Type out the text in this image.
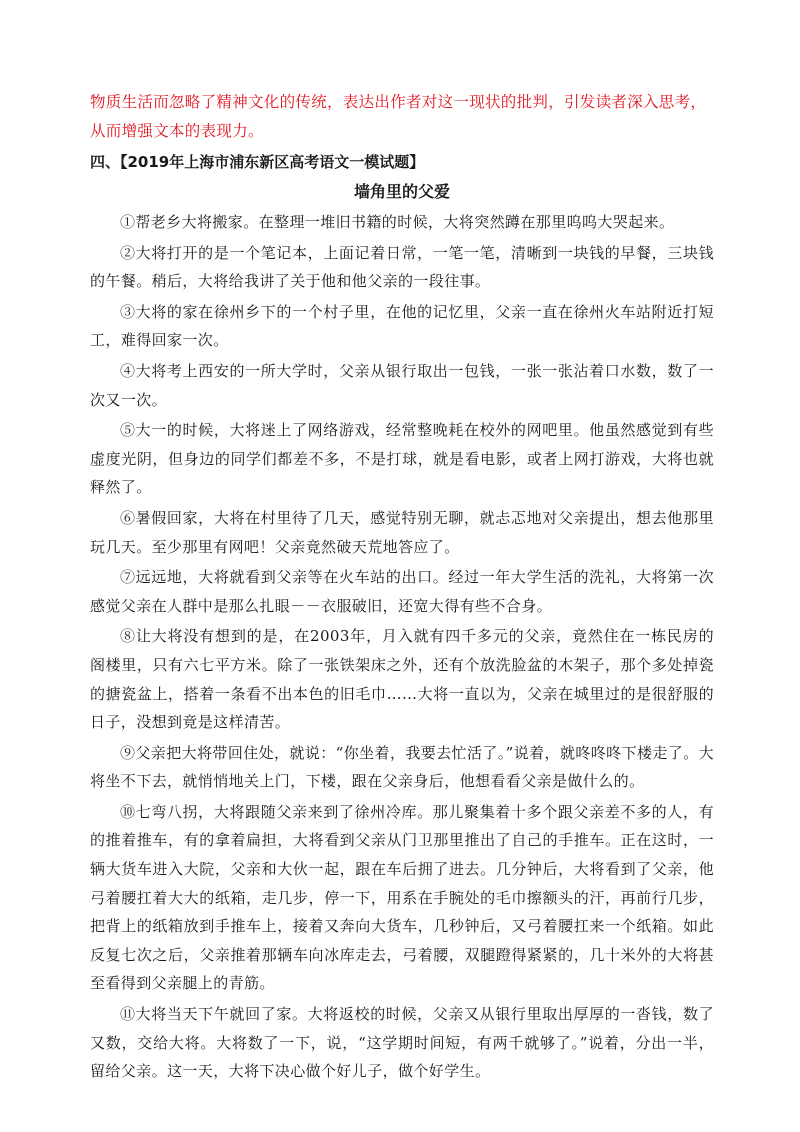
物质生活而忽略了精神文化的传统，表达出作者对这一现状的批判，引发读者深入思考，从而增强文本的表现力。

四、【2019年上海市浦东新区高考语文一模试题】

墙角里的父爱

①帮老乡大将搬家。在整理一堆旧书籍的时候，大将突然蹲在那里呜呜大哭起来。

②大将打开的是一个笔记本，上面记着日常，一笔一笔，清晰到一块钱的早餐，三块钱的午餐。稍后，大将给我讲了关于他和他父亲的一段往事。

③大将的家在徐州乡下的一个村子里，在他的记忆里，父亲一直在徐州火车站附近打短工，难得回家一次。

④大将考上西安的一所大学时，父亲从银行取出一包钱，一张一张沾着口水数，数了一次又一次。

⑤大一的时候，大将迷上了网络游戏，经常整晚耗在校外的网吧里。他虽然感觉到有些虚度光阴，但身边的同学们都差不多，不是打球，就是看电影，或者上网打游戏，大将也就释然了。

⑥暑假回家，大将在村里待了几天，感觉特别无聊，就忐忑地对父亲提出，想去他那里玩几天。至少那里有网吧！父亲竟然破天荒地答应了。

⑦远远地，大将就看到父亲等在火车站的出口。经过一年大学生活的洗礼，大将第一次感觉父亲在人群中是那么扎眼－－衣服破旧，还宽大得有些不合身。

⑧让大将没有想到的是，在2003年，月入就有四千多元的父亲，竟然住在一栋民房的阁楼里，只有六七平方米。除了一张铁架床之外，还有个放洗脸盆的木架子，那个多处掉瓷的搪瓷盆上，搭着一条看不出本色的旧毛巾……大将一直以为，父亲在城里过的是很舒服的日子，没想到竟是这样清苦。

⑨父亲把大将带回住处，就说：“你坐着，我要去忙活了。”说着，就咚咚咚下楼走了。大将坐不下去，就悄悄地关上门，下楼，跟在父亲身后，他想看看父亲是做什么的。

⑩七弯八拐，大将跟随父亲来到了徐州冷库。那儿聚集着十多个跟父亲差不多的人，有的推着推车，有的拿着扁担，大将看到父亲从门卫那里推出了自己的手推车。正在这时，一辆大货车进入大院，父亲和大伙一起，跟在车后拥了进去。几分钟后，大将看到了父亲，他弓着腰扛着大大的纸箱，走几步，停一下，用系在手腕处的毛巾擦额头的汗，再前行几步，把背上的纸箱放到手推车上，接着又奔向大货车，几秒钟后，又弓着腰扛来一个纸箱。如此反复七次之后，父亲推着那辆车向冰库走去，弓着腰，双腿蹬得紧紧的，几十米外的大将甚至看得到父亲腿上的青筋。

⑪大将当天下午就回了家。大将返校的时候，父亲又从银行里取出厚厚的一沓钱，数了又数，交给大将。大将数了一下，说，“这学期时间短，有两千就够了。”说着，分出一半，留给父亲。这一天，大将下决心做个好儿子，做个好学生。
